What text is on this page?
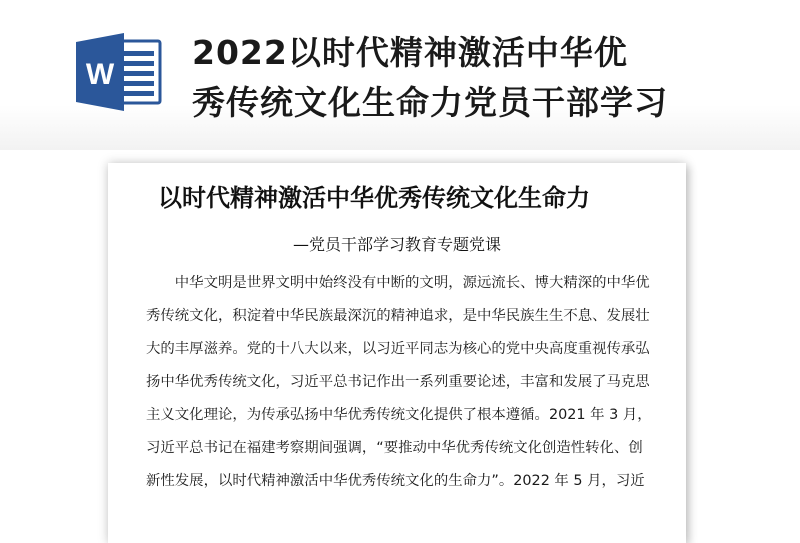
W
2022以时代精神激活中华优
秀传统文化生命力党员干部学习
以时代精神激活中华优秀传统文化生命力
—党员干部学习教育专题党课
　　中华文明是世界文明中始终没有中断的文明，源远流长、博大精深的中华优
秀传统文化，积淀着中华民族最深沉的精神追求，是中华民族生生不息、发展壮
大的丰厚滋养。党的十八大以来，以习近平同志为核心的党中央高度重视传承弘
扬中华优秀传统文化，习近平总书记作出一系列重要论述，丰富和发展了马克思
主义文化理论，为传承弘扬中华优秀传统文化提供了根本遵循。2021 年 3 月，
习近平总书记在福建考察期间强调，“要推动中华优秀传统文化创造性转化、创
新性发展，以时代精神激活中华优秀传统文化的生命力”。2022 年 5 月，习近
